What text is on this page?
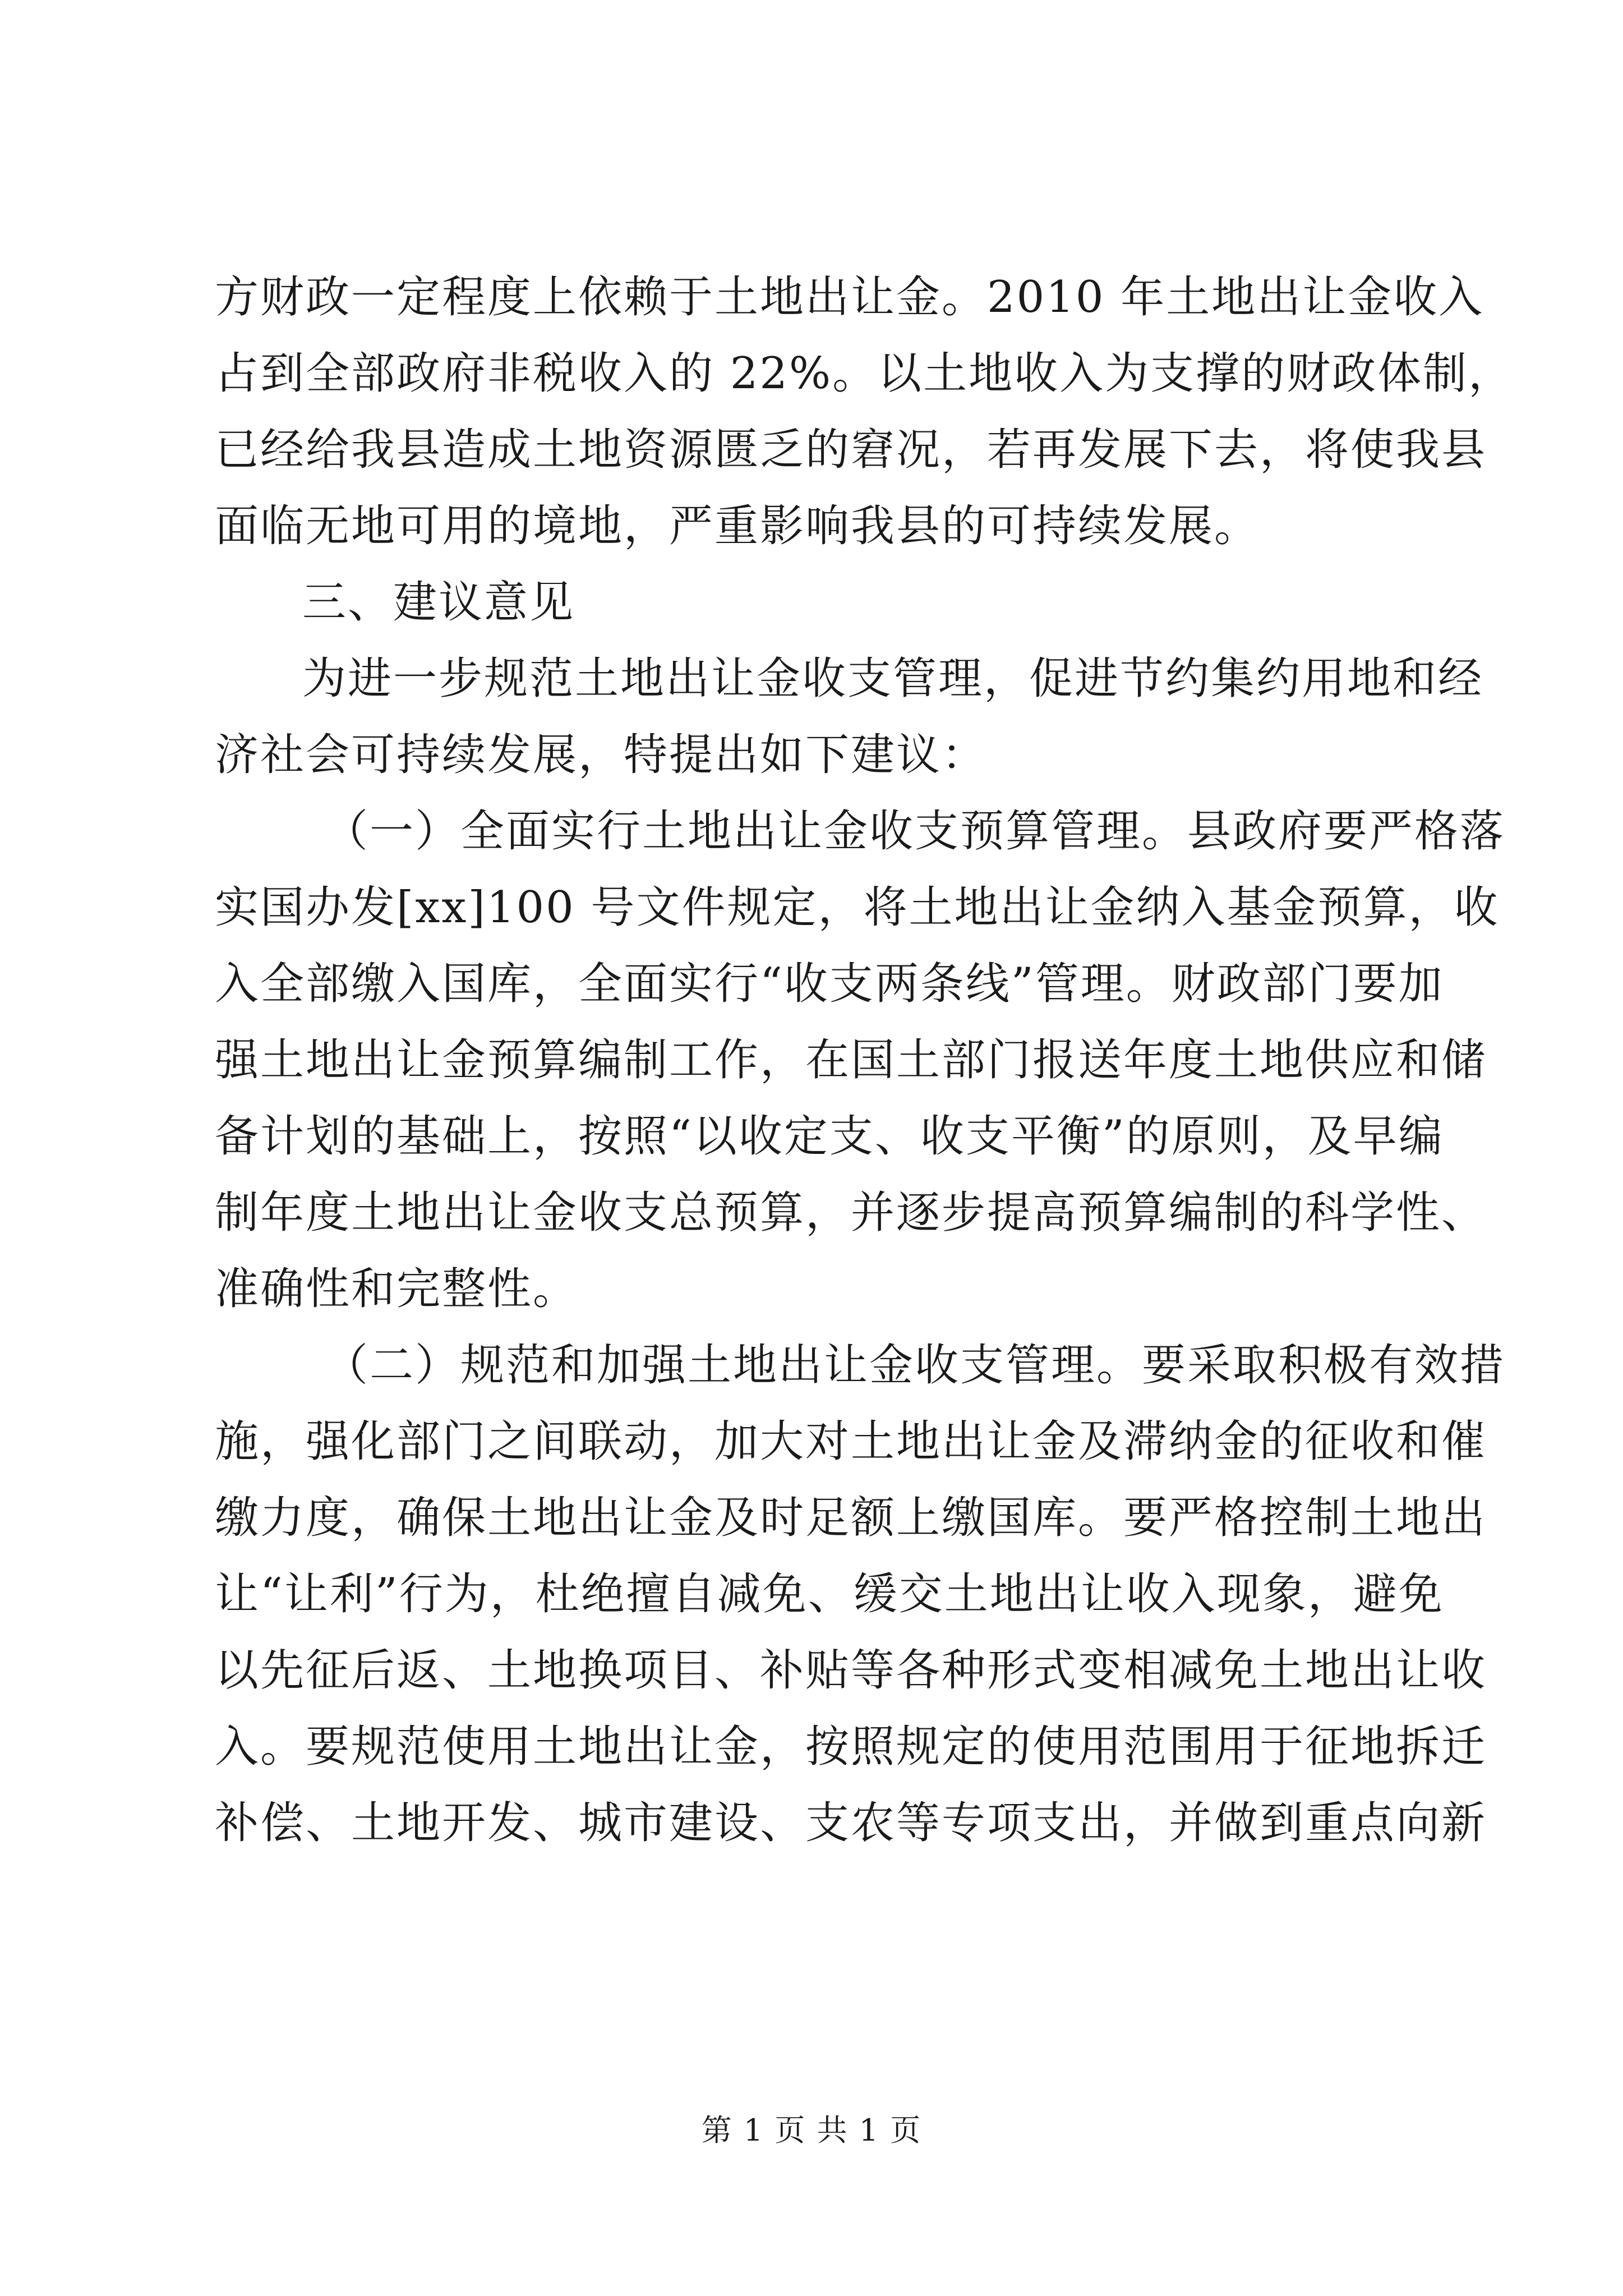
方财政一定程度上依赖于土地出让金。2010 年土地出让金收入
占到全部政府非税收入的 22%。以土地收入为支撑的财政体制，
已经给我县造成土地资源匮乏的窘况，若再发展下去，将使我县
面临无地可用的境地，严重影响我县的可持续发展。
三、建议意见
为进一步规范土地出让金收支管理，促进节约集约用地和经
济社会可持续发展，特提出如下建议：
（一）全面实行土地出让金收支预算管理。县政府要严格落
实国办发[xx]100 号文件规定，将土地出让金纳入基金预算，收
入全部缴入国库，全面实行“收支两条线”管理。财政部门要加
强土地出让金预算编制工作，在国土部门报送年度土地供应和储
备计划的基础上，按照“以收定支、收支平衡”的原则，及早编
制年度土地出让金收支总预算，并逐步提高预算编制的科学性、
准确性和完整性。
（二）规范和加强土地出让金收支管理。要采取积极有效措
施，强化部门之间联动，加大对土地出让金及滞纳金的征收和催
缴力度，确保土地出让金及时足额上缴国库。要严格控制土地出
让“让利”行为，杜绝擅自减免、缓交土地出让收入现象，避免
以先征后返、土地换项目、补贴等各种形式变相减免土地出让收
入。要规范使用土地出让金，按照规定的使用范围用于征地拆迁
补偿、土地开发、城市建设、支农等专项支出，并做到重点向新
第 1 页 共 1 页
